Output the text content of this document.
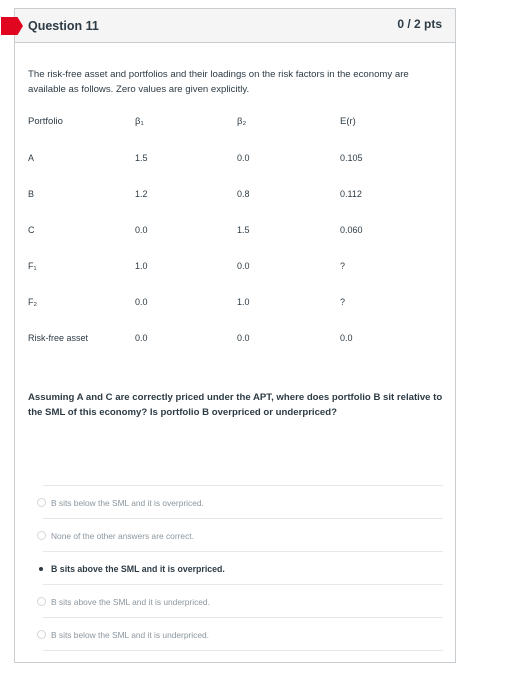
Question 11	0 / 2 pts
The risk-free asset and portfolios and their loadings on the risk factors in the economy are available as follows. Zero values are given explicitly.
Portfolio	β₁	β₂	E(r)
A	1.5	0.0	0.105
B	1.2	0.8	0.112
C	0.0	1.5	0.060
F₁	1.0	0.0	?
F₂	0.0	1.0	?
Risk-free asset	0.0	0.0	0.0
Assuming A and C are correctly priced under the APT, where does portfolio B sit relative to the SML of this economy? Is portfolio B overpriced or underpriced?
B sits below the SML and it is overpriced.
None of the other answers are correct.
B sits above the SML and it is overpriced.
B sits above the SML and it is underpriced.
B sits below the SML and it is underpriced.
